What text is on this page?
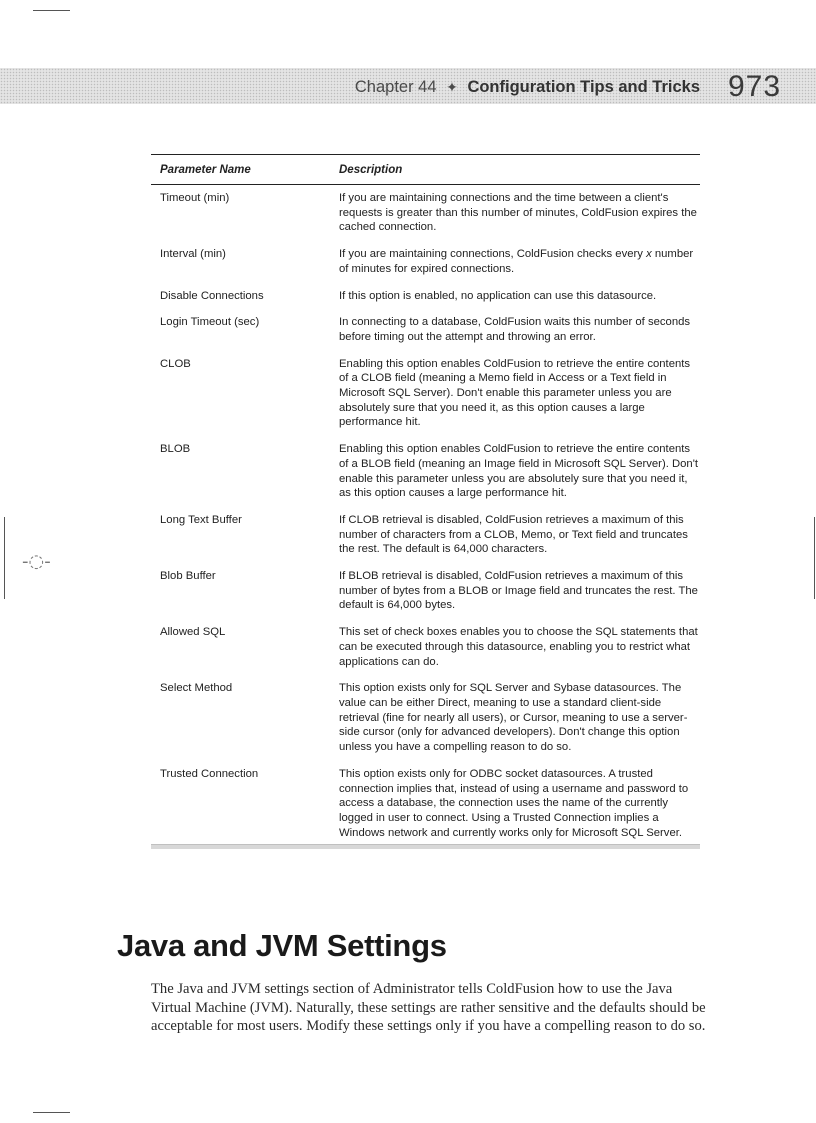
-◌-
Chapter 44 ✦ Configuration Tips and Tricks 973
Parameter Name	Description
Timeout (min)	If you are maintaining connections and the time between a client's requests is greater than this number of minutes, ColdFusion expires the cached connection.
Interval (min)	If you are maintaining connections, ColdFusion checks every x number of minutes for expired connections.
Disable Connections	If this option is enabled, no application can use this datasource.
Login Timeout (sec)	In connecting to a database, ColdFusion waits this number of seconds before timing out the attempt and throwing an error.
CLOB	Enabling this option enables ColdFusion to retrieve the entire contents of a CLOB field (meaning a Memo field in Access or a Text field in Microsoft SQL Server). Don't enable this parameter unless you are absolutely sure that you need it, as this option causes a large performance hit.
BLOB	Enabling this option enables ColdFusion to retrieve the entire contents of a BLOB field (meaning an Image field in Microsoft SQL Server). Don't enable this parameter unless you are absolutely sure that you need it, as this option causes a large performance hit.
Long Text Buffer	If CLOB retrieval is disabled, ColdFusion retrieves a maximum of this number of characters from a CLOB, Memo, or Text field and truncates the rest. The default is 64,000 characters.
Blob Buffer	If BLOB retrieval is disabled, ColdFusion retrieves a maximum of this number of bytes from a BLOB or Image field and truncates the rest. The default is 64,000 bytes.
Allowed SQL	This set of check boxes enables you to choose the SQL statements that can be executed through this datasource, enabling you to restrict what applications can do.
Select Method	This option exists only for SQL Server and Sybase datasources. The value can be either Direct, meaning to use a standard client-side retrieval (fine for nearly all users), or Cursor, meaning to use a server-side cursor (only for advanced developers). Don't change this option unless you have a compelling reason to do so.
Trusted Connection	This option exists only for ODBC socket datasources. A trusted connection implies that, instead of using a username and password to access a database, the connection uses the name of the currently logged in user to connect. Using a Trusted Connection implies a Windows network and currently works only for Microsoft SQL Server.
Java and JVM Settings

The Java and JVM settings section of Administrator tells ColdFusion how to use the Java Virtual Machine (JVM). Naturally, these settings are rather sensitive and the defaults should be acceptable for most users. Modify these settings only if you have a compelling reason to do so.
